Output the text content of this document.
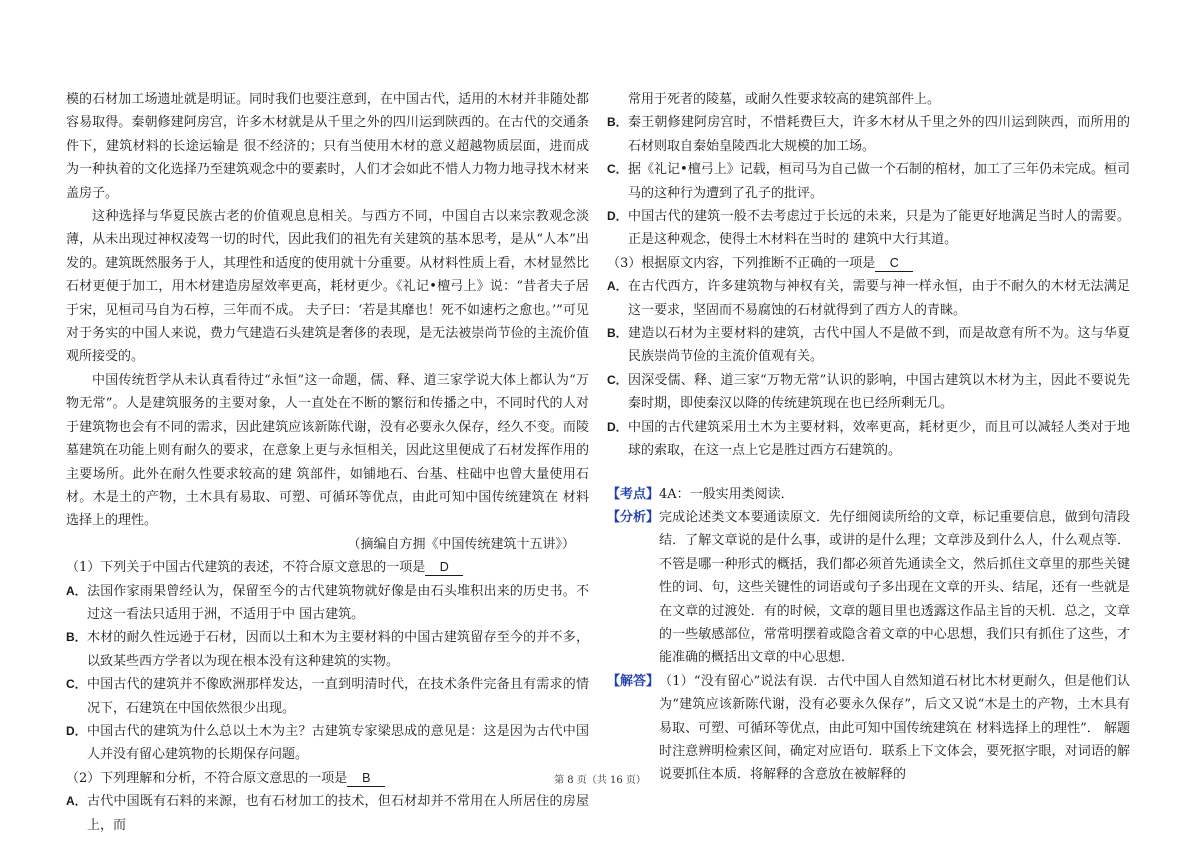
模的石材加工场遗址就是明证。同时我们也要注意到，在中国古代，适用的木材并非随处都容易取得。秦朝修建阿房宫，许多木材就是从千里之外的四川运到陕西的。在古代的交通条件下，建筑材料的长途运输是 很不经济的；只有当使用木材的意义超越物质层面，进而成为一种执着的文化选择乃至建筑观念中的要素时，人们才会如此不惜人力物力地寻找木材来盖房子。

这种选择与华夏民族古老的价值观息息相关。与西方不同，中国自古以来宗教观念淡薄，从未出现过神权凌驾一切的时代，因此我们的祖先有关建筑的基本思考，是从“人本”出发的。建筑既然服务于人，其理性和适度的使用就十分重要。从材料性质上看，木材显然比石材更便于加工，用木材建造房屋效率更高，耗材更少。《礼记•檀弓上》说：“昔者夫子居于宋，见桓司马自为石椁，三年而不成。 夫子曰：‘若是其靡也！死不如速朽之愈也。’”可见对于务实的中国人来说，费力气建造石头建筑是奢侈的表现，是无法被崇尚节俭的主流价值观所接受的。

中国传统哲学从未认真看待过“永恒”这一命题，儒、释、道三家学说大体上都认为“万物无常”。人是建筑服务的主要对象，人一直处在不断的繁衍和传播之中，不同时代的人对于建筑物也会有不同的需求，因此建筑应该新陈代谢，没有必要永久保存，经久不变。而陵墓建筑在功能上则有耐久的要求，在意象上更与永恒相关，因此这里便成了石材发挥作用的主要场所。此外在耐久性要求较高的建 筑部件，如铺地石、台基、柱础中也曾大量使用石材。木是土的产物，土木具有易取、可塑、可循环等优点，由此可知中国传统建筑在 材料选择上的理性。

（摘编自方拥《中国传统建筑十五讲》）

（1）下列关于中国古代建筑的表述，不符合原文意思的一项是 D

A． 法国作家雨果曾经认为，保留至今的古代建筑物就好像是由石头堆积出来的历史书。不过这一看法只适用于洲，不适用于中 国古建筑。
B． 木材的耐久性远逊于石材，因而以土和木为主要材料的中国古建筑留存至今的并不多，以致某些西方学者以为现在根本没有这种建筑的实物。
C． 中国古代的建筑并不像欧洲那样发达，一直到明清时代，在技术条件完备且有需求的情况下，石建筑在中国依然很少出现。
D． 中国古代的建筑为什么总以土木为主？古建筑专家梁思成的意见是：这是因为古代中国人并没有留心建筑物的长期保存问题。

（2）下列理解和分析，不符合原文意思的一项是 B

A． 古代中国既有石料的来源，也有石材加工的技术，但石材却并不常用在人所居住的房屋上，而
常用于死者的陵墓，或耐久性要求较高的建筑部件上。
B． 秦王朝修建阿房宫时，不惜耗费巨大，许多木材从千里之外的四川运到陕西，而所用的石材则取自秦始皇陵西北大规模的加工场。
C． 据《礼记•檀弓上》记载，桓司马为自己做一个石制的棺材，加工了三年仍未完成。桓司马的这种行为遭到了孔子的批评。
D． 中国古代的建筑一般不去考虑过于长远的未来，只是为了能更好地满足当时人的需要。正是这种观念，使得土木材料在当时的 建筑中大行其道。

（3）根据原文内容，下列推断不正确的一项是 C

A． 在古代西方，许多建筑物与神权有关，需要与神一样永恒，由于不耐久的木材无法满足这一要求，坚固而不易腐蚀的石材就得到了西方人的青睐。
B． 建造以石材为主要材料的建筑，古代中国人不是做不到，而是故意有所不为。这与华夏民族崇尚节俭的主流价值观有关。
C． 因深受儒、释、道三家“万物无常”认识的影响，中国古建筑以木材为主，因此不要说先秦时期，即使秦汉以降的传统建筑现在也已经所剩无几。
D． 中国的古代建筑采用土木为主要材料，效率更高，耗材更少，而且可以减轻人类对于地球的索取，在这一点上它是胜过西方石建筑的。
【考点】 4A：一般实用类阅读．
【分析】 完成论述类文本要通读原文．先仔细阅读所给的文章，标记重要信息，做到句清段结．了解文章说的是什么事，或讲的是什么理；文章涉及到什么人，什么观点等．不管是哪一种形式的概括，我们都必须首先通读全文，然后抓住文章里的那些关键性的词、句，这些关键性的词语或句子多出现在文章的开头、结尾，还有一些就是在文章的过渡处．有的时候，文章的题目里也透露这作品主旨的天机．总之，文章的一些敏感部位，常常明摆着或隐含着文章的中心思想，我们只有抓住了这些，才能准确的概括出文章的中心思想．
【解答】 （1）“没有留心”说法有误．古代中国人自然知道石材比木材更耐久，但是他们认为“建筑应该新陈代谢，没有必要永久保存”，后文又说“木是土的产物，土木具有易取、可塑、可循环等优点，由此可知中国传统建筑在 材料选择上的理性”． 解题时注意辨明检索区间，确定对应语句．联系上下文体会，要死抠字眼，对词语的解说要抓住本质．将解释的含意放在被解释的
第 8 页（共 16 页）
